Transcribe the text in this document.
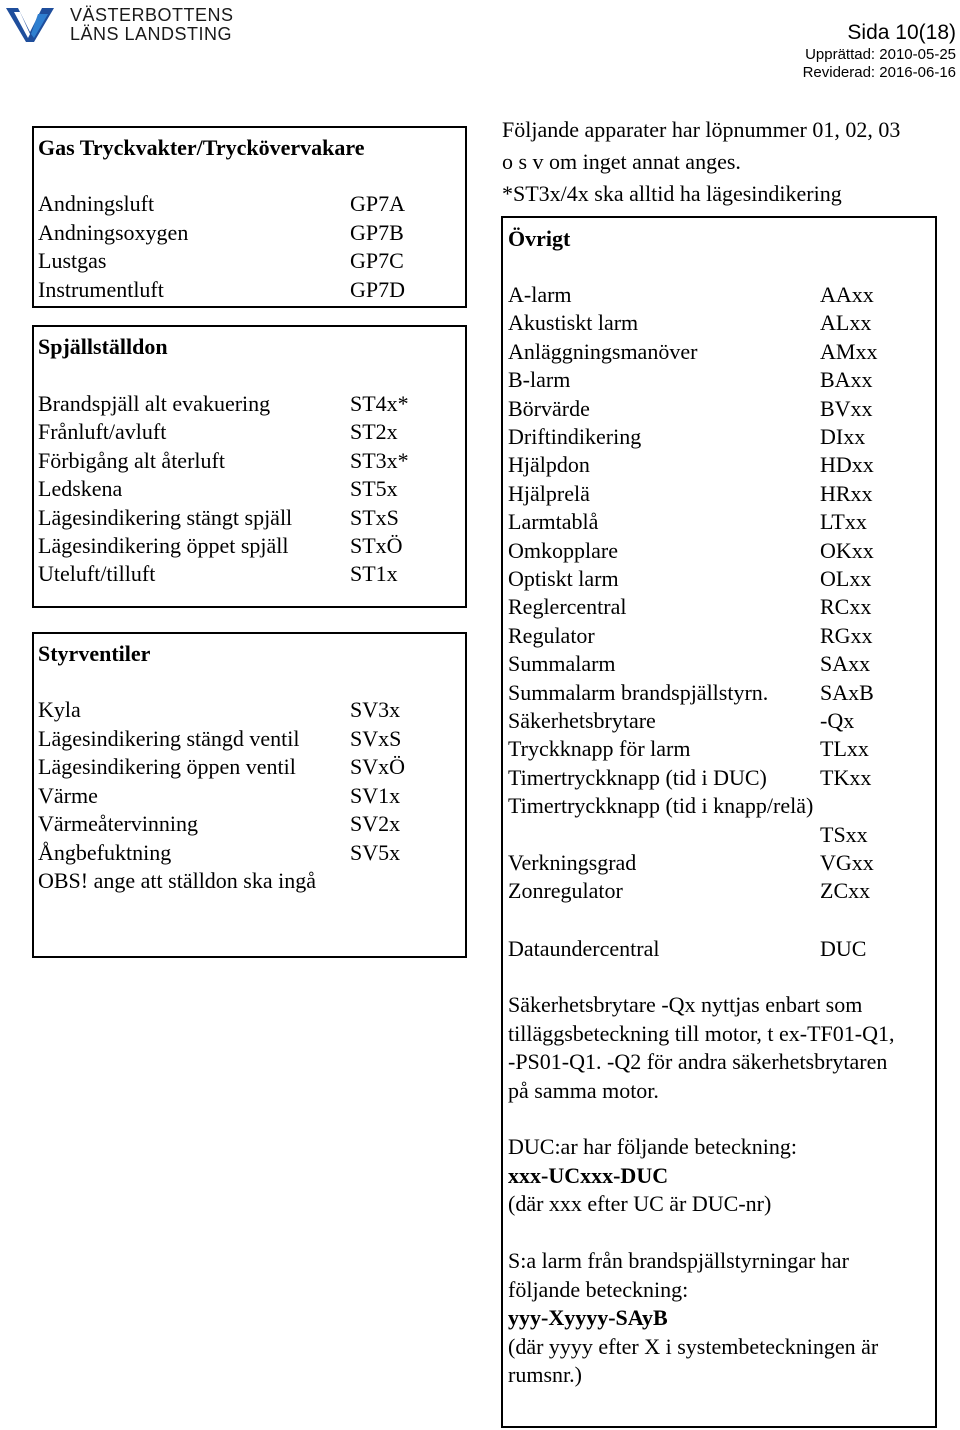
VÄSTERBOTTENS
LÄNS LANDSTING	Sida 10(18)
Upprättad: 2010-05-25
Reviderad: 2016-06-16
Gas Tryckvakter/Tryckövervakare
Andningsluft	GP7A
Andningsoxygen	GP7B
Lustgas	GP7C
Instrumentluft	GP7D
Spjällställdon
Brandspjäll alt evakuering	ST4x*
Frånluft/avluft	ST2x
Förbigång alt återluft	ST3x*
Ledskena	ST5x
Lägesindikering stängt spjäll	STxS
Lägesindikering öppet spjäll	STxÖ
Uteluft/tilluft	ST1x
Styrventiler
Kyla	SV3x
Lägesindikering stängd ventil SVxS
Lägesindikering öppen ventil SVxÖ
Värme	SV1x
Värmeåtervinning	SV2x
Ångbefuktning	SV5x
OBS! ange att ställdon ska ingå
Följande apparater har löpnummer 01, 02, 03
o s v om inget annat anges.
*ST3x/4x ska alltid ha lägesindikering
Övrigt
A-larm	AAxx
Akustiskt larm	ALxx
Anläggningsmanöver	AMxx
B-larm	BAxx
Börvärde	BVxx
Driftindikering	DIxx
Hjälpdon	HDxx
Hjälprelä	HRxx
Larmtablå	LTxx
Omkopplare	OKxx
Optiskt larm	OLxx
Reglercentral	RCxx
Regulator	RGxx
Summalarm	SAxx
Summalarm brandspjällstyrn. SAxB
Säkerhetsbrytare	-Qx
Tryckknapp för larm	TLxx
Timertryckknapp (tid i DUC) TKxx
Timertryckknapp (tid i knapp/relä)
TSxx
Verkningsgrad	VGxx
Zonregulator	ZCxx
Dataundercentral	DUC
Säkerhetsbrytare -Qx nyttjas enbart som
tilläggsbeteckning till motor, t ex-TF01-Q1,
-PS01-Q1. -Q2 för andra säkerhetsbrytaren
på samma motor.
DUC:ar har följande beteckning:
xxx-UCxxx-DUC
(där xxx efter UC är DUC-nr)
S:a larm från brandspjällstyrningar har
följande beteckning:
yyy-Xyyyy-SAyB
(där yyyy efter X i systembeteckningen är
rumsnr.)
